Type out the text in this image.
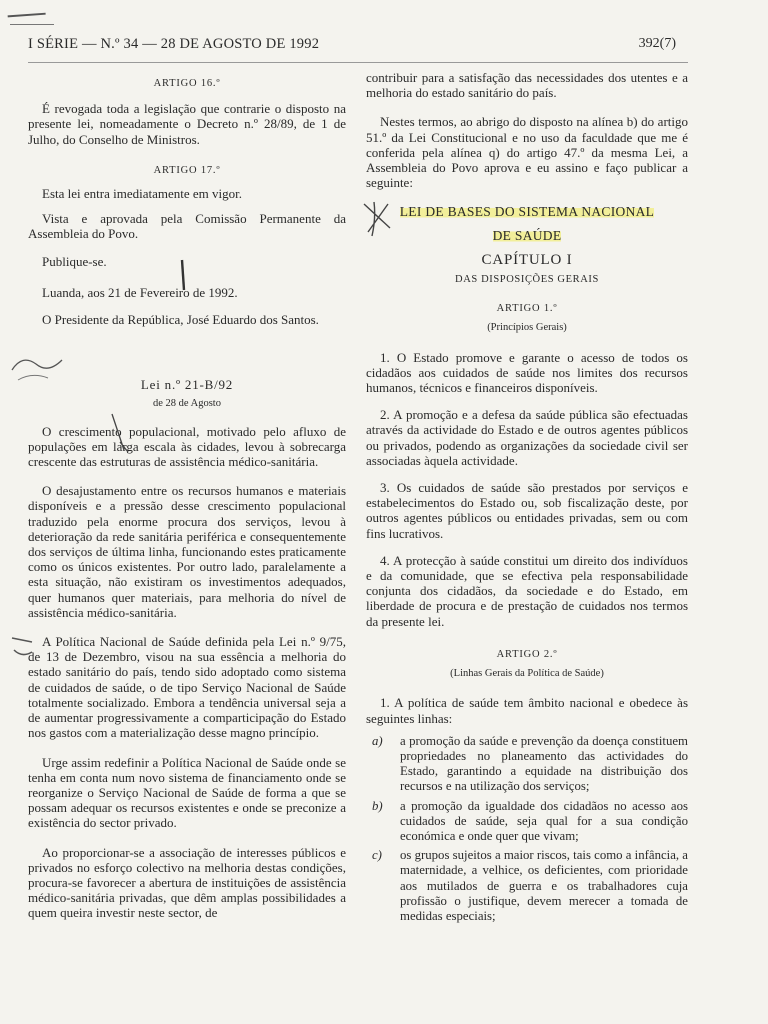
I SÉRIE — N.º 34 — 28 DE AGOSTO DE 1992	392(7)

ARTIGO 16.º

É revogada toda a legislação que contrarie o disposto na presente lei, nomeadamente o Decreto n.º 28/89, de 1 de Julho, do Conselho de Ministros.

ARTIGO 17.º

Esta lei entra imediatamente em vigor.

Vista e aprovada pela Comissão Permanente da Assembleia do Povo.

Publique-se.

Luanda, aos 21 de Fevereiro de 1992.

O Presidente da República, José Eduardo dos Santos.

Lei n.º 21-B/92

de 28 de Agosto

O crescimento populacional, motivado pelo afluxo de populações em larga escala às cidades, levou à sobrecarga crescente das estruturas de assistência médico-sanitária.

O desajustamento entre os recursos humanos e materiais disponíveis e a pressão desse crescimento populacional traduzido pela enorme procura dos serviços, levou à deterioração da rede sanitária periférica e consequentemente dos serviços de última linha, funcionando estes praticamente como os únicos existentes. Por outro lado, paralelamente a esta situação, não existiram os investimentos adequados, quer humanos quer materiais, para melhoria do nível de assistência médico-sanitária.

A Política Nacional de Saúde definida pela Lei n.º 9/75, de 13 de Dezembro, visou na sua essência a melhoria do estado sanitário do país, tendo sido adoptado como sistema de cuidados de saúde, o de tipo Serviço Nacional de Saúde totalmente socializado. Embora a tendência universal seja a de aumentar progressivamente a comparticipação do Estado nos gastos com a materialização desse magno princípio.

Urge assim redefinir a Política Nacional de Saúde onde se tenha em conta num novo sistema de financiamento onde se reorganize o Serviço Nacional de Saúde de forma a que se possam adequar os recursos existentes e onde se preconize a existência do sector privado.

Ao proporcionar-se a associação de interesses públicos e privados no esforço colectivo na melhoria destas condições, procura-se favorecer a abertura de instituições de assistência médico-sanitária privadas, que dêm amplas possibilidades a quem queira investir neste sector, de

contribuir para a satisfação das necessidades dos utentes e a melhoria do estado sanitário do país.

Nestes termos, ao abrigo do disposto na alínea b) do artigo 51.º da Lei Constitucional e no uso da faculdade que me é conferida pela alínea q) do artigo 47.º da mesma Lei, a Assembleia do Povo aprova e eu assino e faço publicar a seguinte:

LEI DE BASES DO SISTEMA NACIONAL

DE SAÚDE

CAPÍTULO I

DAS DISPOSIÇÕES GERAIS

ARTIGO 1.º

(Princípios Gerais)

1. O Estado promove e garante o acesso de todos os cidadãos aos cuidados de saúde nos limites dos recursos humanos, técnicos e financeiros disponíveis.

2. A promoção e a defesa da saúde pública são efectuadas através da actividade do Estado e de outros agentes públicos ou privados, podendo as organizações da sociedade civil ser associadas àquela actividade.

3. Os cuidados de saúde são prestados por serviços e estabelecimentos do Estado ou, sob fiscalização deste, por outros agentes públicos ou entidades privadas, sem ou com fins lucrativos.

4. A protecção à saúde constitui um direito dos indivíduos e da comunidade, que se efectiva pela responsabilidade conjunta dos cidadãos, da sociedade e do Estado, em liberdade de procura e de prestação de cuidados nos termos da presente lei.

ARTIGO 2.º

(Linhas Gerais da Política de Saúde)

1. A política de saúde tem âmbito nacional e obedece às seguintes linhas:

a) a promoção da saúde e prevenção da doença constituem propriedades no planeamento das actividades do Estado, garantindo a equidade na distribuição dos recursos e na utilização dos serviços;
b) a promoção da igualdade dos cidadãos no acesso aos cuidados de saúde, seja qual for a sua condição económica e onde quer que vivam;
c) os grupos sujeitos a maior riscos, tais como a infância, a maternidade, a velhice, os deficientes, com prioridade aos mutilados de guerra e os trabalhadores cuja profissão o justifique, devem merecer a tomada de medidas especiais;
